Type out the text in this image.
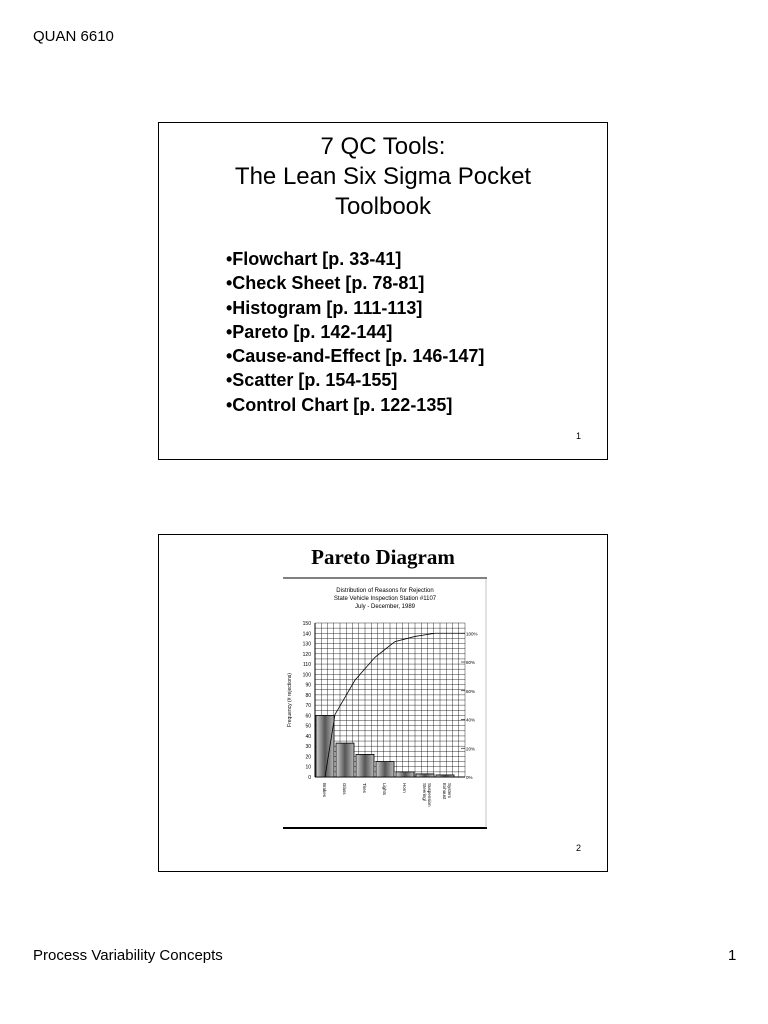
QUAN 6610
7 QC Tools:
The Lean Six Sigma Pocket
Toolbook
•Flowchart [p. 33-41]
•Check Sheet [p. 78-81]
•Histogram [p. 111-113]
•Pareto [p. 142-144]
•Cause-and-Effect [p. 146-147]
•Scatter [p. 154-155]
•Control Chart [p. 122-135]
1
Pareto Diagram
Distribution of Reasons for Rejection
State Vehicle Inspection Station #1107
July - December, 1989
0
10
20
30
40
50
60
70
80
90
100
110
120
130
140
150
Frequency (# rejections)
Brakes	Glass	Tires	Lights	Horn	Steering/ Suspension Exhaust System
0%
20%
40%
60%
80%
100%
2
Process Variability Concepts	1
